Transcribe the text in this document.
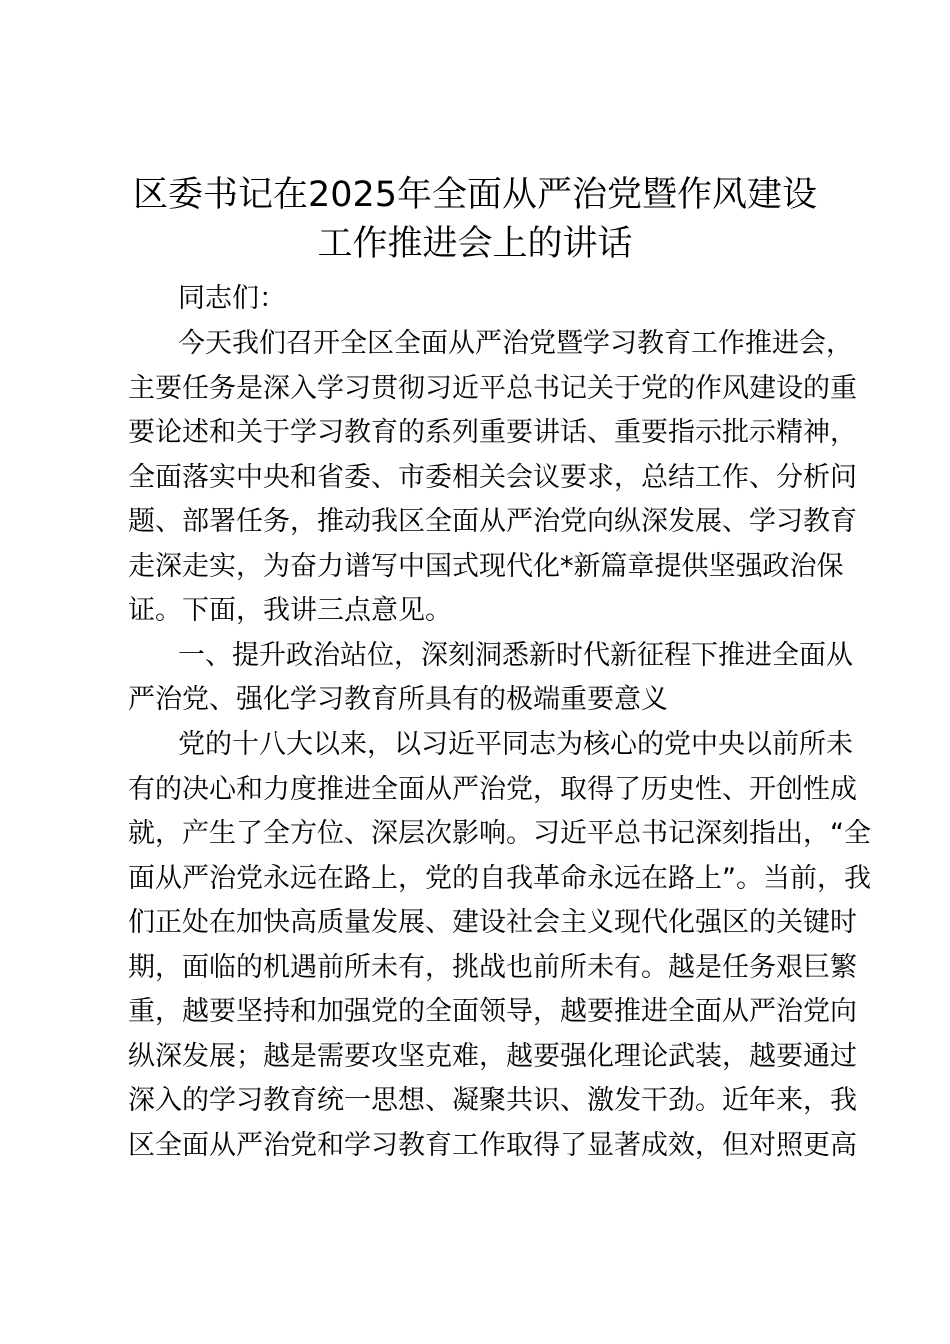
区委书记在2025年全面从严治党暨作风建设
工作推进会上的讲话

同志们：

今天我们召开全区全面从严治党暨学习教育工作推进会，

主要任务是深入学习贯彻习近平总书记关于党的作风建设的重

要论述和关于学习教育的系列重要讲话、重要指示批示精神，

全面落实中央和省委、市委相关会议要求，总结工作、分析问

题、部署任务，推动我区全面从严治党向纵深发展、学习教育

走深走实，为奋力谱写中国式现代化*新篇章提供坚强政治保

证。下面，我讲三点意见。

一、提升政治站位，深刻洞悉新时代新征程下推进全面从

严治党、强化学习教育所具有的极端重要意义

党的十八大以来，以习近平同志为核心的党中央以前所未

有的决心和力度推进全面从严治党，取得了历史性、开创性成

就，产生了全方位、深层次影响。习近平总书记深刻指出，“全

面从严治党永远在路上，党的自我革命永远在路上”。当前，我

们正处在加快高质量发展、建设社会主义现代化强区的关键时

期，面临的机遇前所未有，挑战也前所未有。越是任务艰巨繁

重，越要坚持和加强党的全面领导，越要推进全面从严治党向

纵深发展；越是需要攻坚克难，越要强化理论武装，越要通过

深入的学习教育统一思想、凝聚共识、激发干劲。近年来，我

区全面从严治党和学习教育工作取得了显著成效，但对照更高
